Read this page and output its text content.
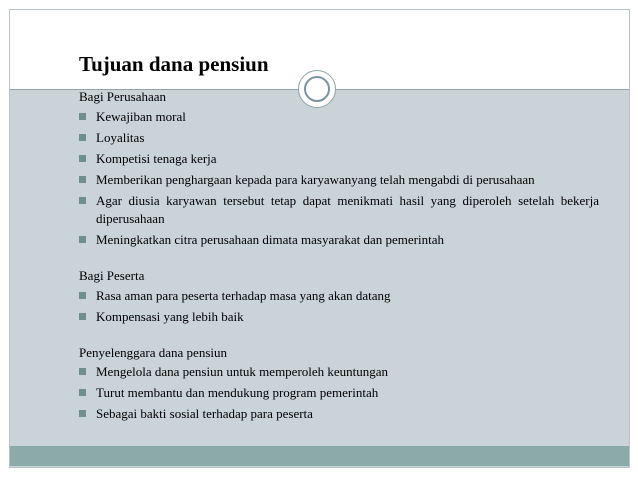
Tujuan dana pensiun

Bagi Perusahaan

Kewajiban moral
Loyalitas
Kompetisi tenaga kerja
Memberikan penghargaan kepada para karyawanyang telah mengabdi di perusahaan
Agar diusia karyawan tersebut tetap dapat menikmati hasil yang diperoleh setelah bekerja diperusahaan
Meningkatkan citra perusahaan dimata masyarakat dan pemerintah

Bagi Peserta

Rasa aman para peserta terhadap masa yang akan datang
Kompensasi yang lebih baik

Penyelenggara dana pensiun

Mengelola dana pensiun untuk memperoleh keuntungan
Turut membantu dan mendukung program pemerintah
Sebagai bakti sosial terhadap para peserta
